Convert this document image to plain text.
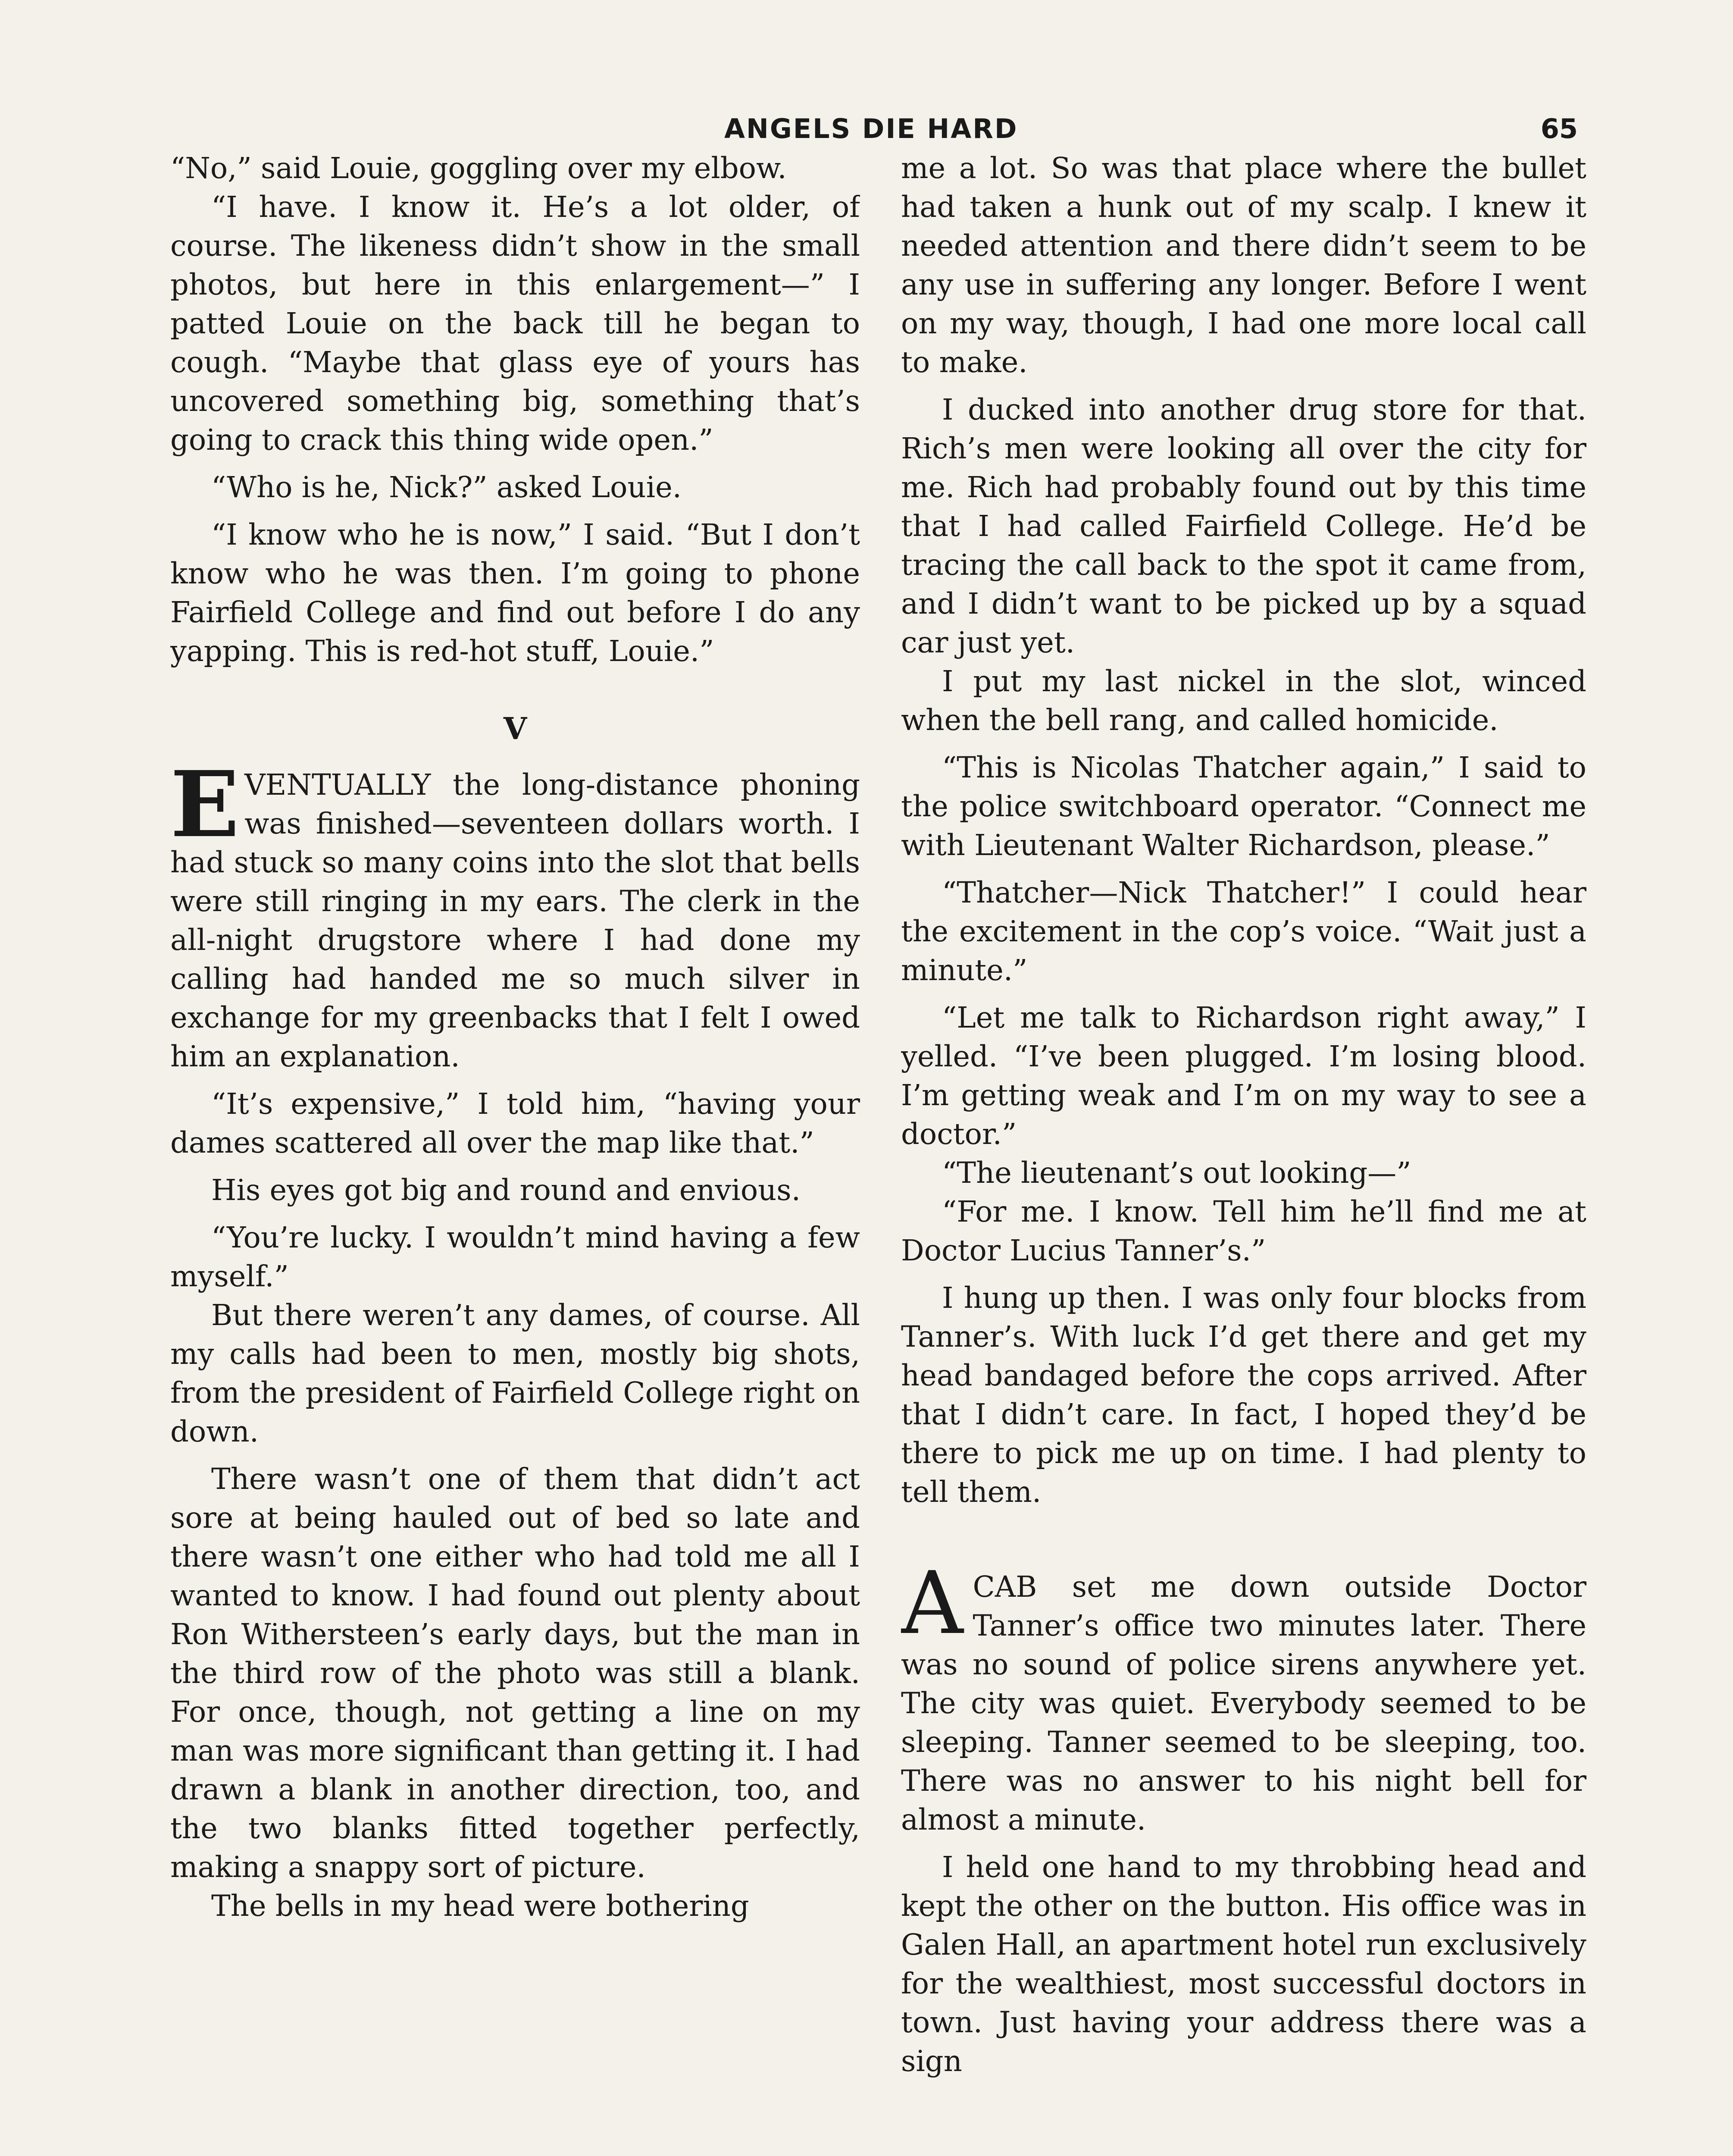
ANGELS DIE HARD	65

“No,” said Louie, goggling over my elbow.

“I have. I know it. He’s a lot older, of course. The likeness didn’t show in the small photos, but here in this enlargement—” I patted Louie on the back till he began to cough. “Maybe that glass eye of yours has uncovered something big, something that’s going to crack this thing wide open.”

“Who is he, Nick?” asked Louie.

“I know who he is now,” I said. “But I don’t know who he was then. I’m going to phone Fairfield College and find out before I do any yapping. This is red-hot stuff, Louie.”

V

EVENTUALLY the long-distance phoning was finished—seventeen dollars worth. I had stuck so many coins into the slot that bells were still ringing in my ears. The clerk in the all-night drugstore where I had done my calling had handed me so much silver in exchange for my greenbacks that I felt I owed him an explanation.

“It’s expensive,” I told him, “having your dames scattered all over the map like that.”

His eyes got big and round and envious.

“You’re lucky. I wouldn’t mind having a few myself.”

But there weren’t any dames, of course. All my calls had been to men, mostly big shots, from the president of Fairfield College right on down.

There wasn’t one of them that didn’t act sore at being hauled out of bed so late and there wasn’t one either who had told me all I wanted to know. I had found out plenty about Ron Withersteen’s early days, but the man in the third row of the photo was still a blank. For once, though, not getting a line on my man was more significant than getting it. I had drawn a blank in another direction, too, and the two blanks fitted together perfectly, making a snappy sort of picture.

The bells in my head were bothering

me a lot. So was that place where the bullet had taken a hunk out of my scalp. I knew it needed attention and there didn’t seem to be any use in suffering any longer. Before I went on my way, though, I had one more local call to make.

I ducked into another drug store for that. Rich’s men were looking all over the city for me. Rich had probably found out by this time that I had called Fairfield College. He’d be tracing the call back to the spot it came from, and I didn’t want to be picked up by a squad car just yet.

I put my last nickel in the slot, winced when the bell rang, and called homicide.

“This is Nicolas Thatcher again,” I said to the police switchboard operator. “Connect me with Lieutenant Walter Richardson, please.”

“Thatcher—Nick Thatcher!” I could hear the excitement in the cop’s voice. “Wait just a minute.”

“Let me talk to Richardson right away,” I yelled. “I’ve been plugged. I’m losing blood. I’m getting weak and I’m on my way to see a doctor.”

“The lieutenant’s out looking—”

“For me. I know. Tell him he’ll find me at Doctor Lucius Tanner’s.”

I hung up then. I was only four blocks from Tanner’s. With luck I’d get there and get my head bandaged before the cops arrived. After that I didn’t care. In fact, I hoped they’d be there to pick me up on time. I had plenty to tell them.

ACAB set me down outside Doctor Tanner’s office two minutes later. There was no sound of police sirens anywhere yet. The city was quiet. Everybody seemed to be sleeping. Tanner seemed to be sleeping, too. There was no answer to his night bell for almost a minute.

I held one hand to my throbbing head and kept the other on the button. His office was in Galen Hall, an apartment hotel run exclusively for the wealthiest, most successful doctors in town. Just having your address there was a sign
